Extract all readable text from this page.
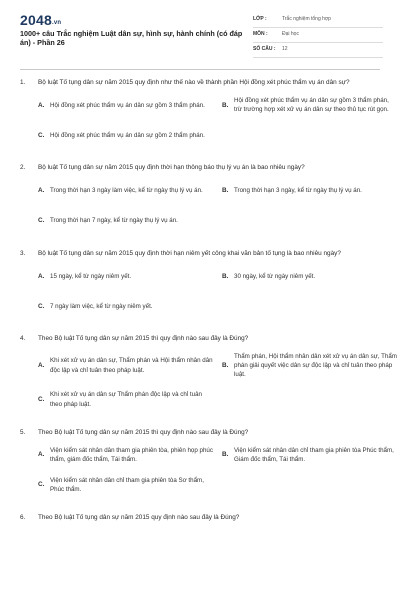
2048.vn
1000+ câu Trắc nghiệm Luật dân sự, hình sự, hành chính (có đáp án) - Phần 26
LỚP :	Trắc nghiệm tổng hợp
MÔN :	Đại học
SỐ CÂU : 12
1. Bộ luật Tố tụng dân sự năm 2015 quy định như thế nào về thành phần Hội đồng xét phúc thẩm vụ án dân sự?
A. Hội đồng xét phúc thẩm vụ án dân sự gồm 3 thẩm phán.	B.
Hội đồng xét phúc thẩm vụ án dân sự gồm 3 thẩm phán, trừ trường hợp xét xử vụ án dân sự theo thủ tục rút gọn.
C. Hội đồng xét phúc thẩm vụ án dân sự gồm 2 thẩm phán.
2. Bộ luật Tố tụng dân sự năm 2015 quy định thời hạn thông báo thụ lý vụ án là bao nhiêu ngày?
A. Trong thời hạn 3 ngày làm việc, kể từ ngày thụ lý vụ án.	B. Trong thời hạn 3 ngày, kể từ ngày thụ lý vụ án.
C. Trong thời hạn 7 ngày, kể từ ngày thụ lý vụ án.
3. Bộ luật Tố tụng dân sự năm 2015 quy định thời hạn niêm yết công khai văn bản tố tụng là bao nhiêu ngày?
A. 15 ngày, kể từ ngày niêm yết.	B. 30 ngày, kể từ ngày niêm yết.
C. 7 ngày làm việc, kể từ ngày niêm yết.
4. Theo Bộ luật Tố tụng dân sự năm 2015 thì quy định nào sau đây là Đúng?
A.
Khi xét xử vụ án dân sự, Thẩm phán và Hội thẩm nhân dân độc lập và chỉ tuân theo pháp luật.
B.
Thẩm phán, Hội thẩm nhân dân xét xử vụ án dân sự, Thẩm phán giải quyết việc dân sự độc lập và chỉ tuân theo pháp luật.
C.
Khi xét xử vụ án dân sự Thẩm phán độc lập và chỉ tuân theo pháp luật.
5. Theo Bộ luật Tố tụng dân sự năm 2015 thì quy định nào sau đây là Đúng?
A.
Viện kiểm sát nhân dân tham gia phiên tòa, phiên họp phúc thẩm, giám đốc thẩm, Tái thẩm.
B.
Viện kiểm sát nhân dân chỉ tham gia phiên tòa Phúc thẩm, Giám đốc thẩm, Tái thẩm.
C.
Viện kiểm sát nhân dân chỉ tham gia phiên tòa Sơ thẩm, Phúc thẩm.
6. Theo Bộ luật Tố tụng dân sự năm 2015 quy định nào sau đây là Đúng?
